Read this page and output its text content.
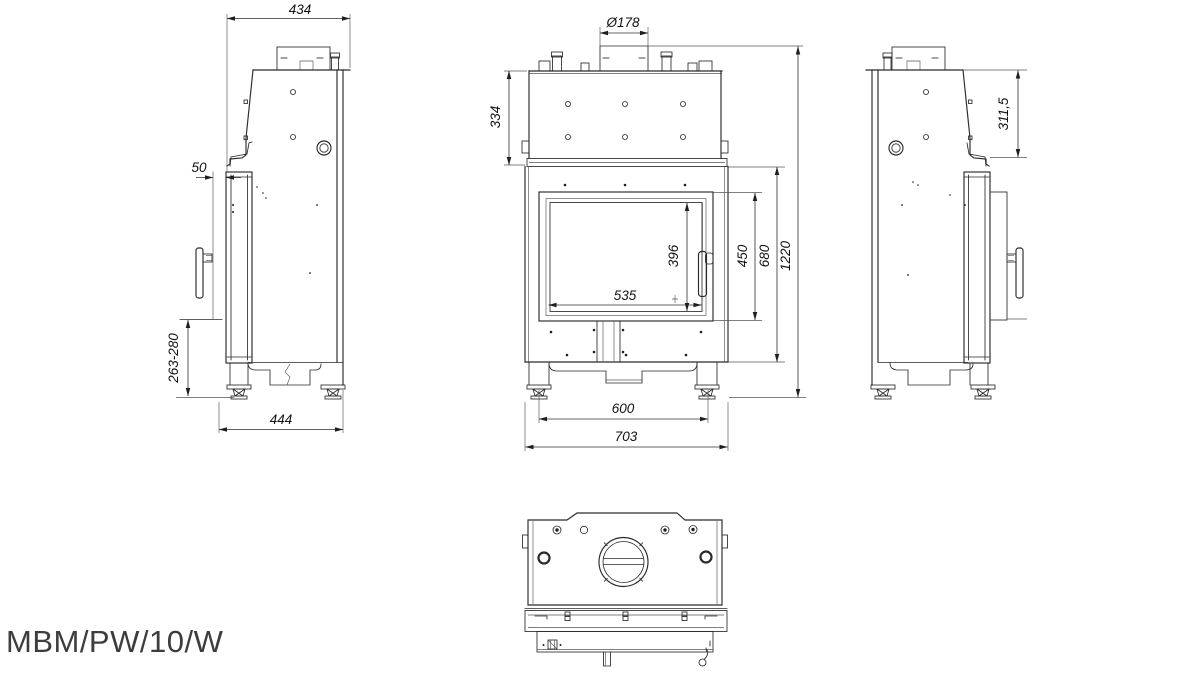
434
50
263-280
444
Ø178
334
396
535
450 680 1220
600
703
311,5
MBM/PW/10/W
